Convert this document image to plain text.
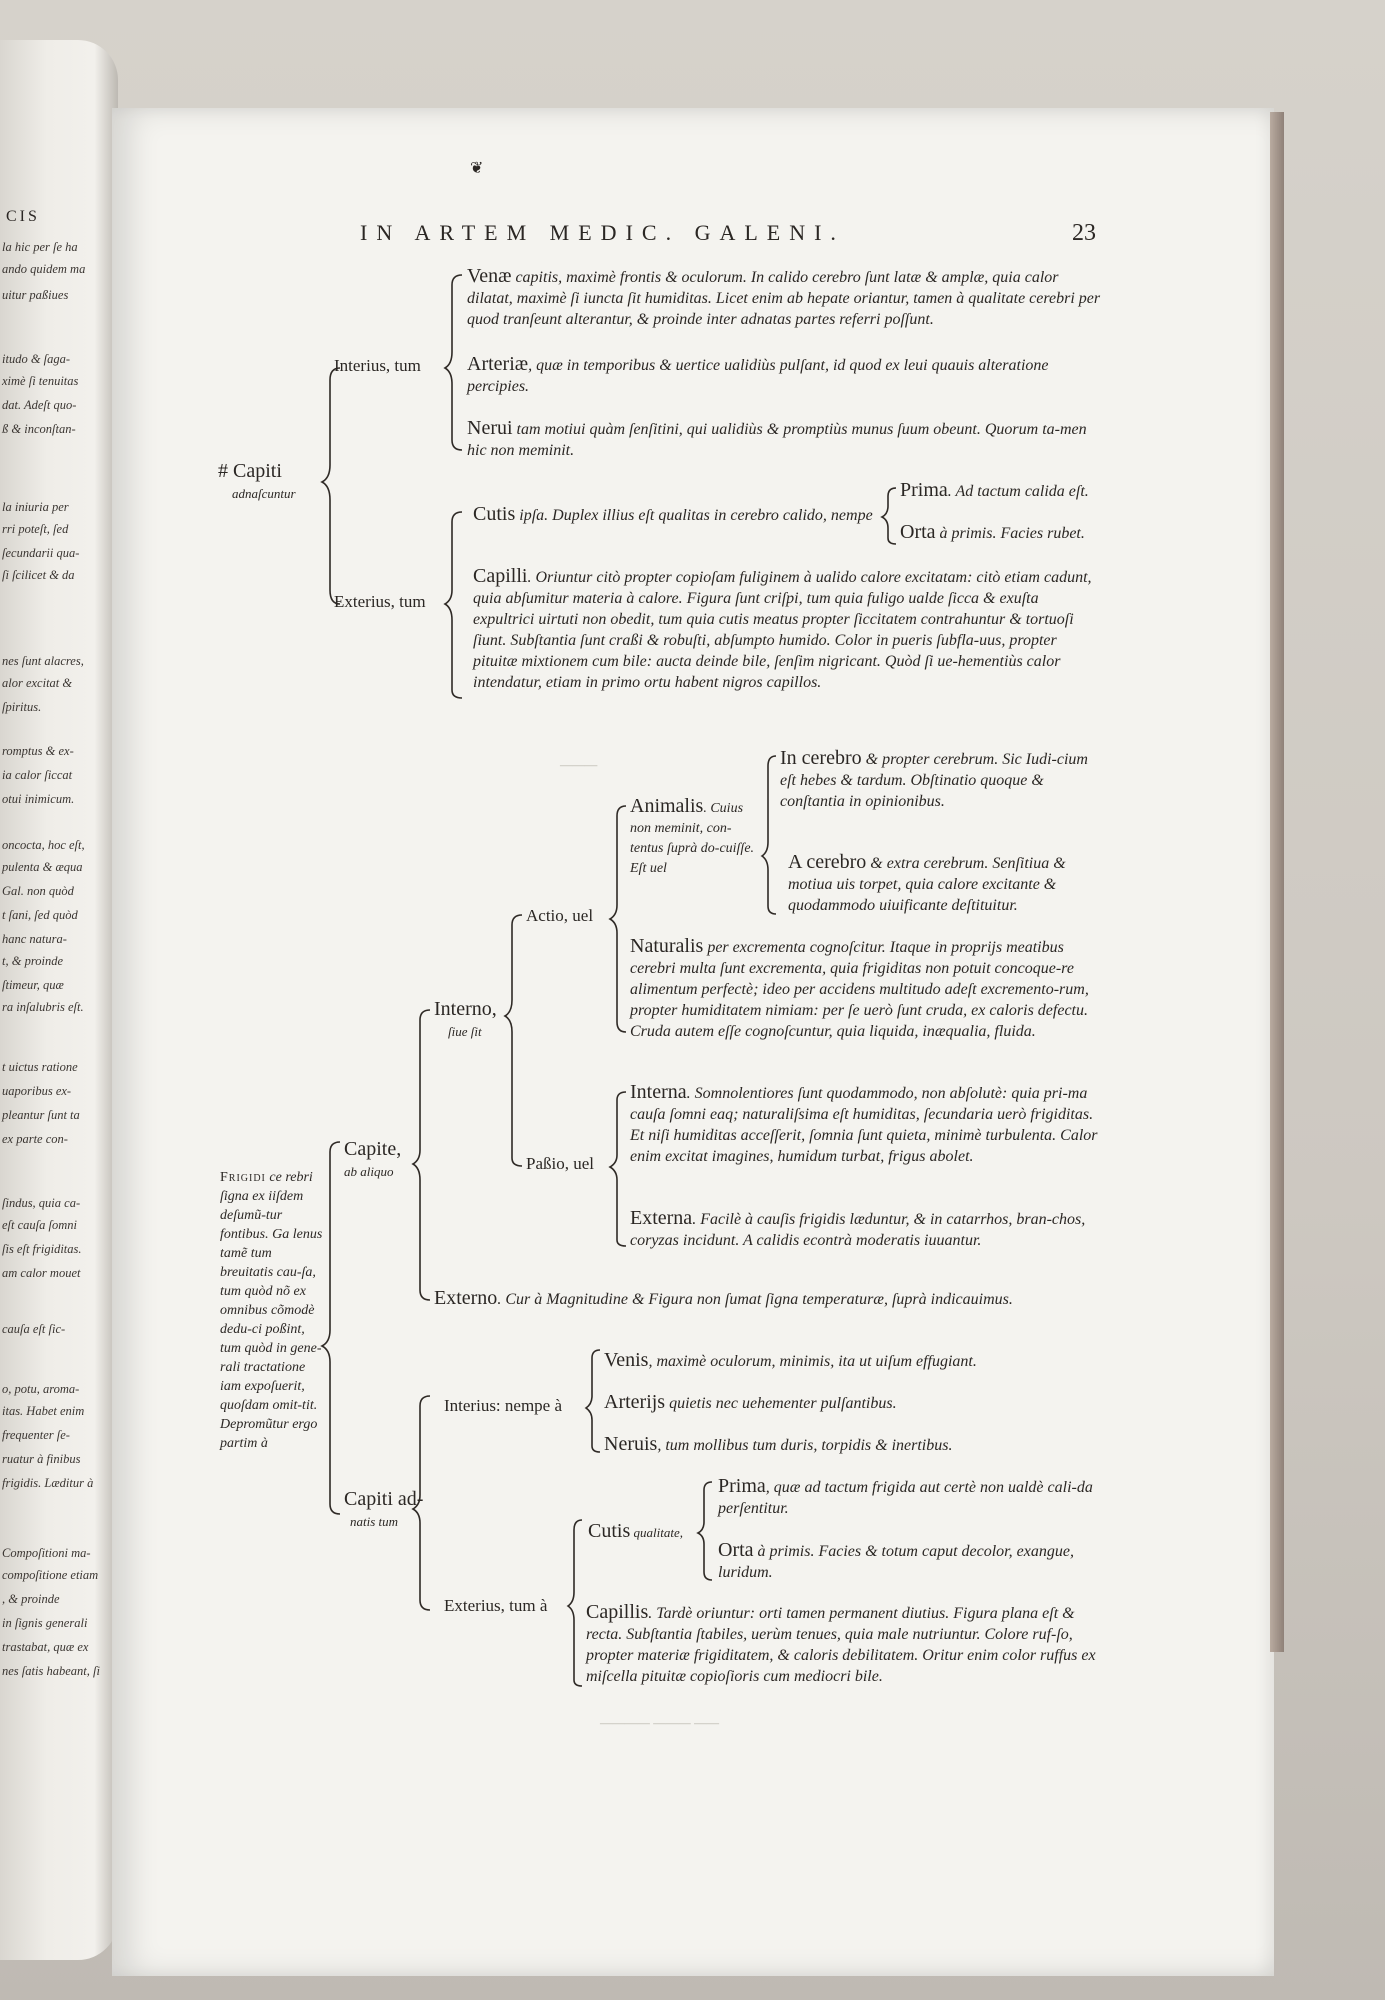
CIS
la hic per ſe ha
ando quidem ma
uitur paßiues
itudo & ſaga-
ximè ſi tenuitas
dat. Adeſt quo-
ß & inconſtan-
la iniuria per
rri poteſt, ſed
ſecundarii qua-
ſi ſcilicet & da
nes ſunt alacres,
alor excitat &
ſpiritus.
romptus & ex-
ia calor ſiccat
otui inimicum.
oncocta, hoc eſt,
pulenta & æqua
Gal. non quòd
t ſani, ſed quòd
hanc natura-
t, & proinde
ſtimeur, quæ
ra inſalubris eſt.
t uictus ratione
uaporibus ex-
pleantur ſunt ta
ex parte con-
ſindus, quia ca-
eſt cauſa ſomni
ſis eſt frigiditas.
am calor mouet
cauſa eſt ſic-
o, potu, aroma-
itas. Habet enim
frequenter ſe-
ruatur à finibus
frigidis. Læditur à
Compoſitioni ma-
compoſitione etiam
, & proinde
in ſignis generali
trastabat, quæ ex
nes ſatis habeant, ſi
❦
IN ARTEM MEDIC. GALENI.	23
# Capiti
adnaſcuntur
Interius, tum
Exterius, tum
Venæ capitis, maximè frontis & oculorum. In calido cerebro ſunt latæ & amplæ, quia calor dilatat, maximè ſi iuncta ſit humiditas. Licet enim ab hepate oriantur, tamen à qualitate cerebri per quod tranſeunt alterantur, & proinde inter adnatas partes referri poſſunt.
Arteriæ, quæ in temporibus & uertice ualidiùs pulſant, id quod ex leui quauis alteratione percipies.
Nerui tam motiui quàm ſenſitini, qui ualidiùs & promptiùs munus ſuum obeunt. Quorum ta-men hic non meminit.
Cutis ipſa. Duplex illius eſt qualitas in cerebro calido, nempe
Prima. Ad tactum calida eſt.
Orta à primis. Facies rubet.
Capilli. Oriuntur citò propter copioſam fuliginem à ualido calore excitatam: citò etiam cadunt, quia abſumitur materia à calore. Figura ſunt criſpi, tum quia fuligo ualde ſicca & exuſta expultrici uirtuti non obedit, tum quia cutis meatus propter ſiccitatem contrahuntur & tortuoſi ſiunt. Subſtantia ſunt craßi & robuſti, abſumpto humido. Color in pueris ſubfla-uus, propter pituitæ mixtionem cum bile: aucta deinde bile, ſenſim nigricant. Quòd ſi ue-hementiùs calor intendatur, etiam in primo ortu habent nigros capillos.
———
———— ——— ——
Frigidi ce rebri ſigna ex iiſdem deſumũ-tur fontibus. Ga lenus tamẽ tum breuitatis cau-ſa, tum quòd nõ ex omnibus cõmodè dedu-ci poßint, tum quòd in gene-rali tractatione iam expoſuerit, quoſdam omit-tit. Depromũtur ergo partim à
Capite,
ab aliquo
Interno,
ſiue ſit
Externo. Cur à Magnitudine & Figura non ſumat ſigna temperaturæ, ſuprà indicauimus.
Actio, uel
Paßio, uel
Animalis. Cuius non meminit, con-tentus ſuprà do-cuiſſe. Eſt uel
In cerebro & propter cerebrum. Sic Iudi-cium eſt hebes & tardum. Obſtinatio quoque & conſtantia in opinionibus.
A cerebro & extra cerebrum. Senſitiua & motiua uis torpet, quia calore excitante & quodammodo uiuificante deſtituitur.
Naturalis per excrementa cognoſcitur. Itaque in proprijs meatibus cerebri multa ſunt excrementa, quia frigiditas non potuit concoque-re alimentum perfectè; ideo per accidens multitudo adeſt excremento-rum, propter humiditatem nimiam: per ſe uerò ſunt cruda, ex caloris defectu. Cruda autem eſſe cognoſcuntur, quia liquida, inæqualia, fluida.
Interna. Somnolentiores ſunt quodammodo, non abſolutè: quia pri-ma cauſa ſomni eaq; naturaliſsima eſt humiditas, ſecundaria uerò frigiditas. Et niſi humiditas acceſſerit, ſomnia ſunt quieta, minimè turbulenta. Calor enim excitat imagines, humidum turbat, frigus abolet.
Externa. Facilè à cauſis frigidis læduntur, & in catarrhos, bran-chos, coryzas incidunt. A calidis econtrà moderatis iuuantur.
Capiti ad-
natis tum
Interius: nempe à
Exterius, tum à
Venis, maximè oculorum, minimis, ita ut uiſum effugiant.
Arterijs quietis nec uehementer pulſantibus.
Neruis, tum mollibus tum duris, torpidis & inertibus.
Cutis qualitate,
Prima, quæ ad tactum frigida aut certè non ualdè cali-da perſentitur.
Orta à primis. Facies & totum caput decolor, exangue, luridum.
Capillis. Tardè oriuntur: orti tamen permanent diutius. Figura plana eſt & recta. Subſtantia ſtabiles, uerùm tenues, quia male nutriuntur. Colore ruf-ſo, propter materiæ frigiditatem, & caloris debilitatem. Oritur enim color ruffus ex miſcella pituitæ copioſioris cum mediocri bile.
